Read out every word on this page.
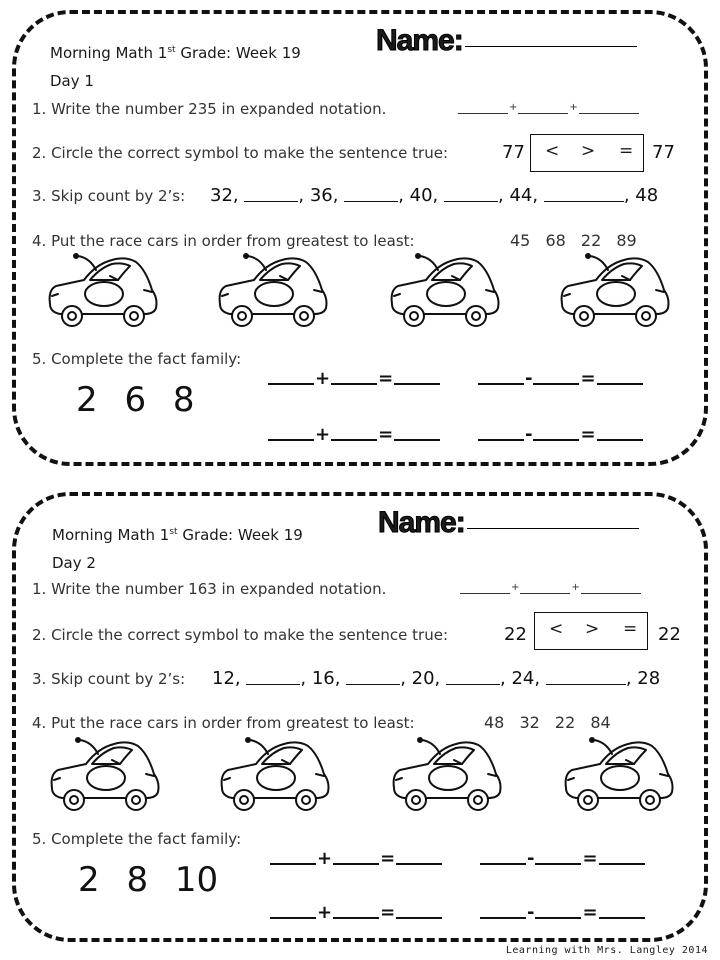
Morning Math 1st Grade: Week 19	Name:
Day 1
1. Write the number 235 in expanded notation.	+	+
2. Circle the correct symbol to make the sentence true:	77 < > = 77
3. Skip count by 2’s: 32,	, 36,	, 40,	, 44,	, 48
4. Put the race cars in order from greatest to least:	45 68 22 89
5. Complete the fact family:
2 6 8
+	=	-	=
+	=	-	=
Morning Math 1st Grade: Week 19	Name:
Day 2
1. Write the number 163 in expanded notation.	+	+
2. Circle the correct symbol to make the sentence true:	22 < > = 22
3. Skip count by 2’s: 12,	, 16,	, 20,	, 24,	, 28
4. Put the race cars in order from greatest to least:	48 32 22 84
5. Complete the fact family:
2 8 10
+	=	-	=
+	=	-	=
Learning with Mrs. Langley 2014
